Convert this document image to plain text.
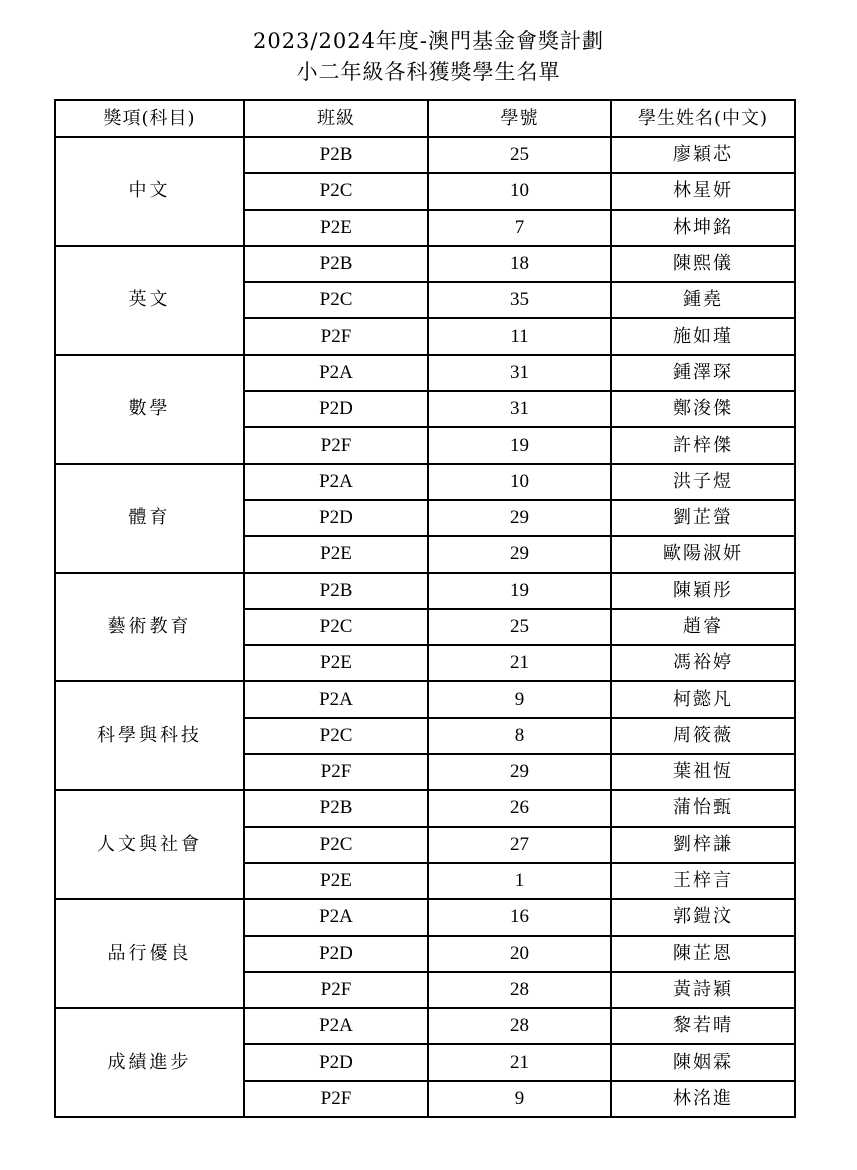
2023/2024年度-澳門基金會獎計劃
小二年級各科獲獎學生名單
獎項(科目)	班級	學號	學生姓名(中文)
中文	P2B	25	廖穎芯
	P2C	10	林星妍
	P2E	7	林坤銘
英文	P2B	18	陳熙儀
	P2C	35	鍾堯
	P2F	11	施如瑾
數學	P2A	31	鍾澤琛
	P2D	31	鄭浚傑
	P2F	19	許梓傑
體育	P2A	10	洪子煜
	P2D	29	劉芷螢
	P2E	29	歐陽淑妍
藝術教育	P2B	19	陳穎彤
	P2C	25	趙睿
	P2E	21	馮裕婷
科學與科技	P2A	9	柯懿凡
	P2C	8	周筱薇
	P2F	29	葉祖恆
人文與社會	P2B	26	蒲怡甄
	P2C	27	劉梓謙
	P2E	1	王梓言
品行優良	P2A	16	郭鎧汶
	P2D	20	陳芷恩
	P2F	28	黃詩穎
成績進步	P2A	28	黎若晴
	P2D	21	陳姻霖
	P2F	9	林洺進
